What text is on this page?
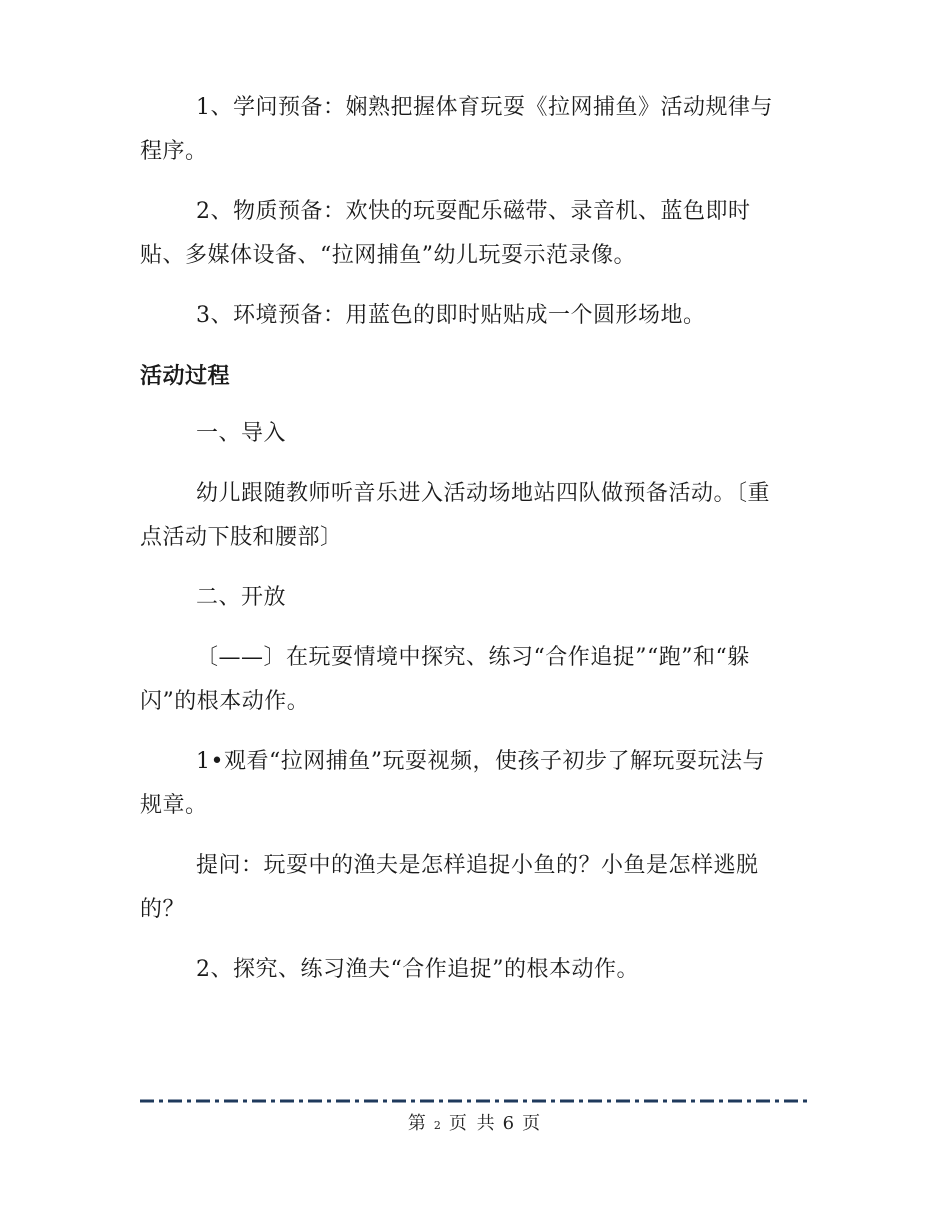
1、学问预备：娴熟把握体育玩耍《拉网捕鱼》活动规律与程序。

2、物质预备：欢快的玩耍配乐磁带、录音机、蓝色即时贴、多媒体设备、“拉网捕鱼”幼儿玩耍示范录像。

3、环境预备：用蓝色的即时贴贴成一个圆形场地。

活动过程

一、导入

幼儿跟随教师听音乐进入活动场地站四队做预备活动。〔重点活动下肢和腰部〕

二、开放

〔——〕在玩耍情境中探究、练习“合作追捉”“跑”和“躲闪”的根本动作。

1•观看“拉网捕鱼”玩耍视频，使孩子初步了解玩耍玩法与规章。

提问：玩耍中的渔夫是怎样追捉小鱼的？小鱼是怎样逃脱的？

2、探究、练习渔夫“合作追捉”的根本动作。

第 2 页 共 6 页
